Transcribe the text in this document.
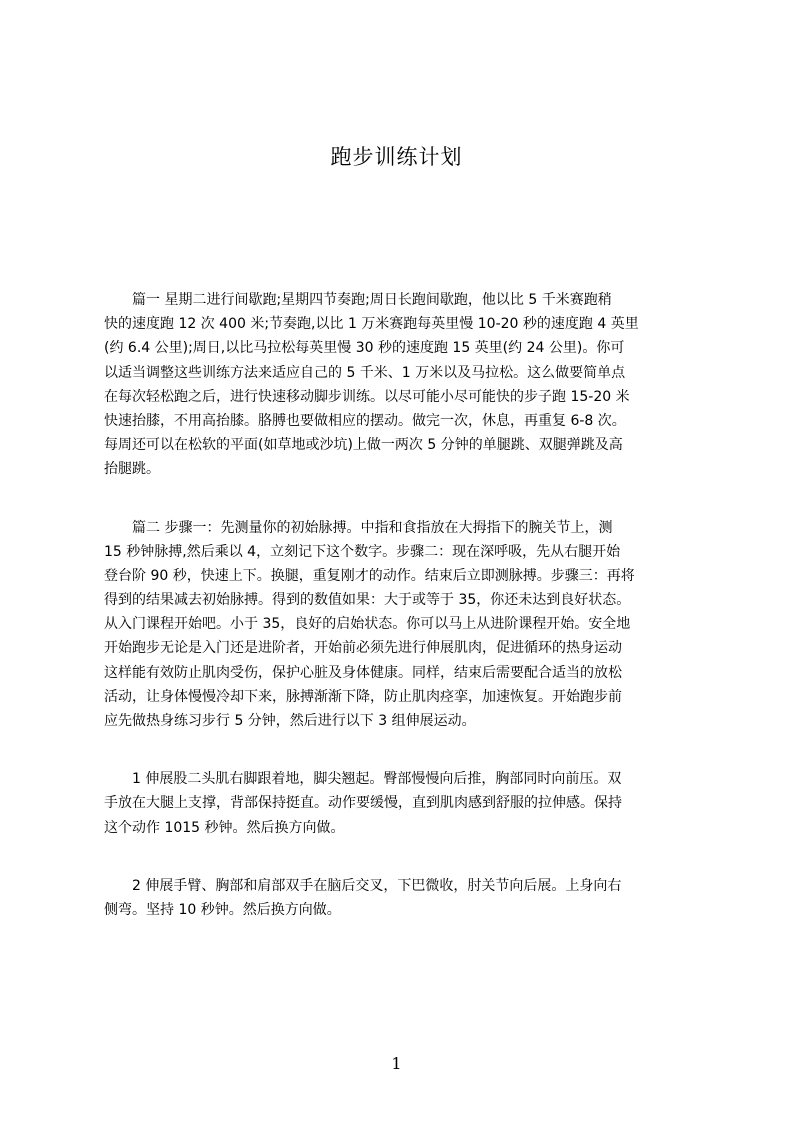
跑步训练计划
　　篇一 星期二进行间歇跑;星期四节奏跑;周日长跑间歇跑，他以比 5 千米赛跑稍
快的速度跑 12 次 400 米;节奏跑,以比 1 万米赛跑每英里慢 10-20 秒的速度跑 4 英里
(约 6.4 公里);周日,以比马拉松每英里慢 30 秒的速度跑 15 英里(约 24 公里)。你可
以适当调整这些训练方法来适应自己的 5 千米、1 万米以及马拉松。这么做要简单点
在每次轻松跑之后，进行快速移动脚步训练。以尽可能小尽可能快的步子跑 15-20 米
快速抬膝，不用高抬膝。胳膊也要做相应的摆动。做完一次，休息，再重复 6-8 次。
每周还可以在松软的平面(如草地或沙坑)上做一两次 5 分钟的单腿跳、双腿弹跳及高
抬腿跳。
　　篇二 步骤一：先测量你的初始脉搏。中指和食指放在大拇指下的腕关节上，测
15 秒钟脉搏,然后乘以 4，立刻记下这个数字。步骤二：现在深呼吸，先从右腿开始
登台阶 90 秒，快速上下。换腿，重复刚才的动作。结束后立即测脉搏。步骤三：再将
得到的结果减去初始脉搏。得到的数值如果：大于或等于 35，你还未达到良好状态。
从入门课程开始吧。小于 35，良好的启始状态。你可以马上从进阶课程开始。安全地
开始跑步无论是入门还是进阶者，开始前必须先进行伸展肌肉，促进循环的热身运动
这样能有效防止肌肉受伤，保护心脏及身体健康。同样，结束后需要配合适当的放松
活动，让身体慢慢冷却下来，脉搏渐渐下降，防止肌肉痉挛，加速恢复。开始跑步前
应先做热身练习步行 5 分钟，然后进行以下 3 组伸展运动。
　　1 伸展股二头肌右脚跟着地，脚尖翘起。臀部慢慢向后推，胸部同时向前压。双
手放在大腿上支撑，背部保持挺直。动作要缓慢，直到肌肉感到舒服的拉伸感。保持
这个动作 1015 秒钟。然后换方向做。
　　2 伸展手臂、胸部和肩部双手在脑后交叉，下巴微收，肘关节向后展。上身向右
侧弯。坚持 10 秒钟。然后换方向做。
1
